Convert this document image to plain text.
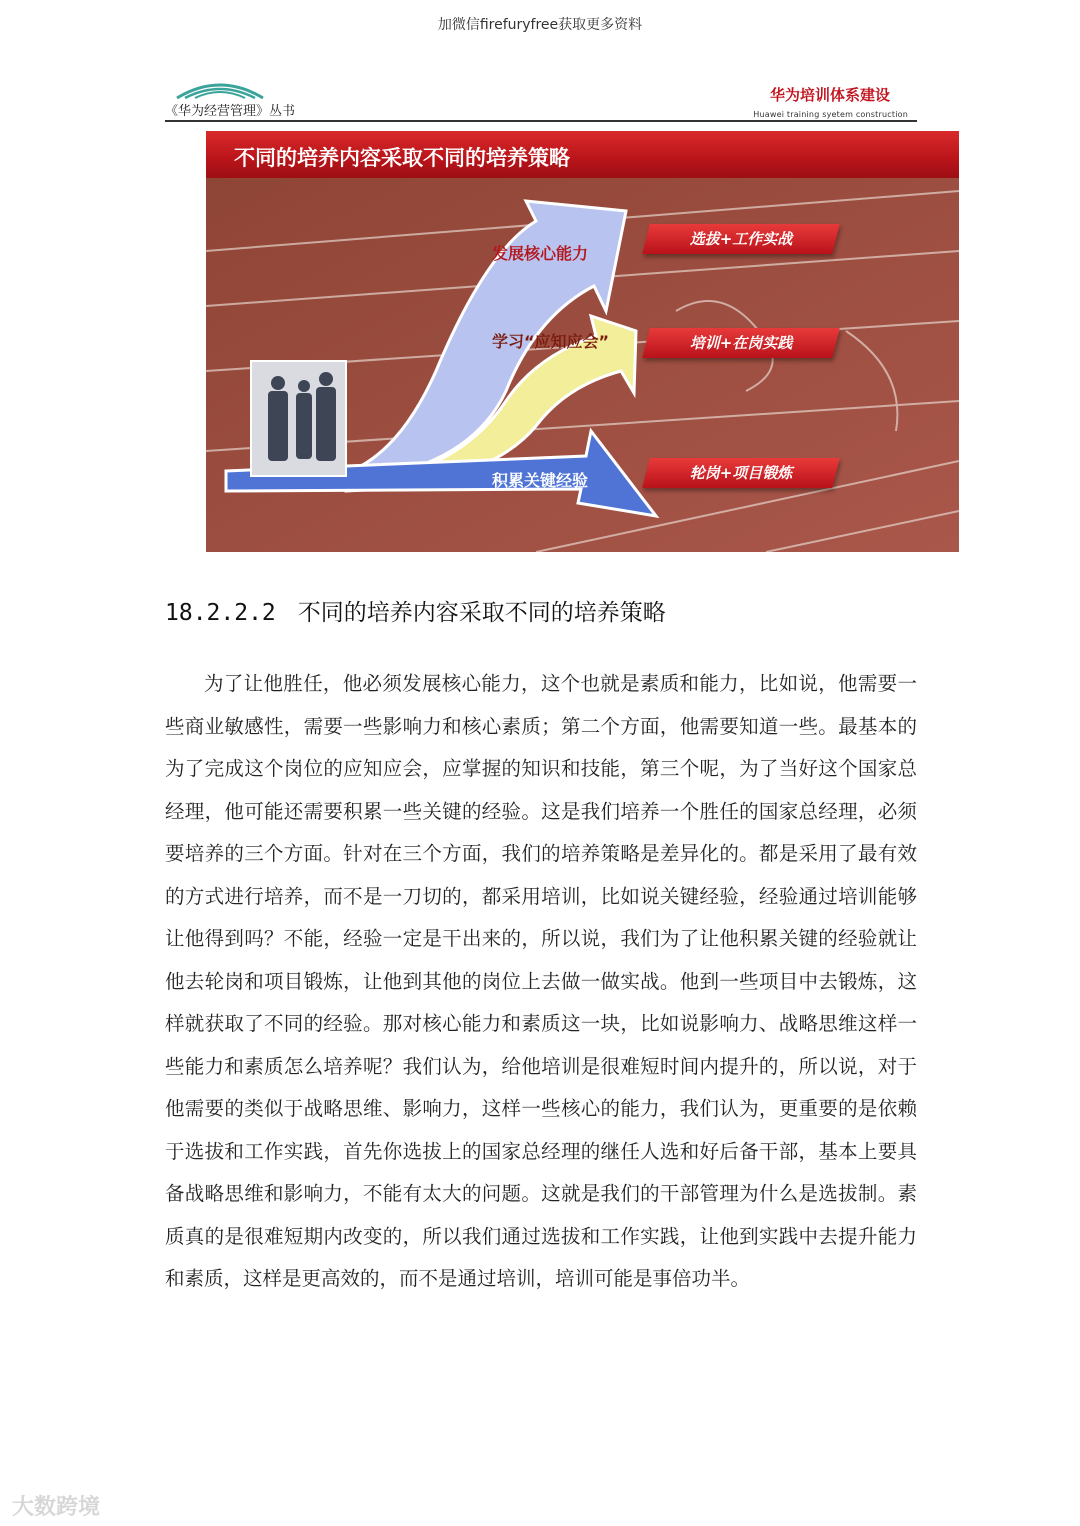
加微信firefuryfree获取更多资料
《华为经营管理》丛书
华为培训体系建设
Huawei training syetem construction
不同的培养内容采取不同的培养策略
发展核心能力
学习“应知应会”
积累关键经验
选拔+工作实战
培训+在岗实践
轮岗+项目锻炼
18.2.2.2 不同的培养内容采取不同的培养策略
为了让他胜任，他必须发展核心能力，这个也就是素质和能力，比如说，他需要一些商业敏感性，需要一些影响力和核心素质；第二个方面，他需要知道一些。最基本的为了完成这个岗位的应知应会，应掌握的知识和技能，第三个呢，为了当好这个国家总经理，他可能还需要积累一些关键的经验。这是我们培养一个胜任的国家总经理，必须要培养的三个方面。针对在三个方面，我们的培养策略是差异化的。都是采用了最有效的方式进行培养，而不是一刀切的，都采用培训，比如说关键经验，经验通过培训能够让他得到吗？不能，经验一定是干出来的，所以说，我们为了让他积累关键的经验就让他去轮岗和项目锻炼，让他到其他的岗位上去做一做实战。他到一些项目中去锻炼，这样就获取了不同的经验。那对核心能力和素质这一块，比如说影响力、战略思维这样一些能力和素质怎么培养呢？我们认为，给他培训是很难短时间内提升的，所以说，对于他需要的类似于战略思维、影响力，这样一些核心的能力，我们认为，更重要的是依赖于选拔和工作实践，首先你选拔上的国家总经理的继任人选和好后备干部，基本上要具备战略思维和影响力，不能有太大的问题。这就是我们的干部管理为什么是选拔制。素质真的是很难短期内改变的，所以我们通过选拔和工作实践，让他到实践中去提升能力和素质，这样是更高效的，而不是通过培训，培训可能是事倍功半。
大数跨境
